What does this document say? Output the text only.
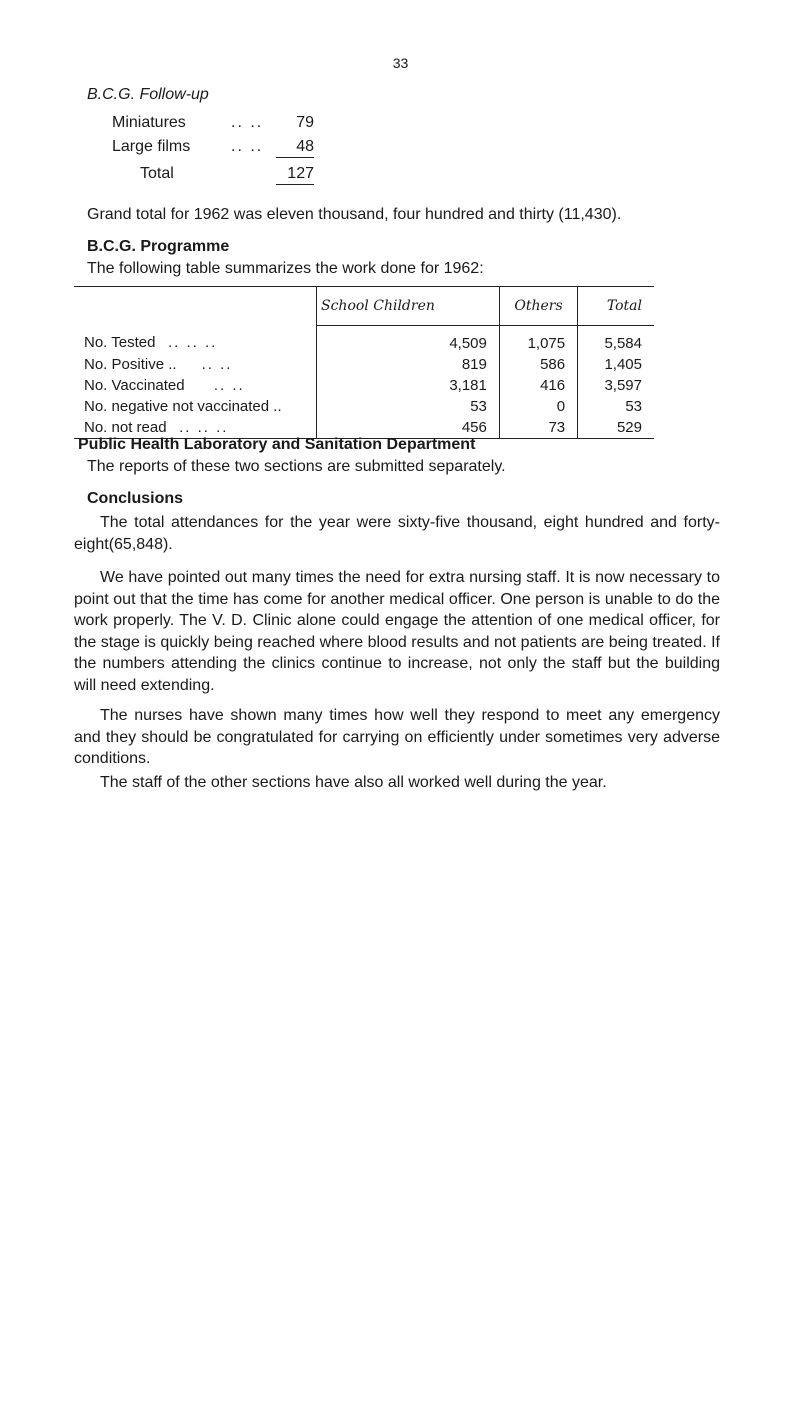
33
B.C.G. Follow-up
Miniatures	.. ..	79
Large films	.. ..	48
Total	127
Grand total for 1962 was eleven thousand, four hundred and thirty (11,430).
B.C.G. Programme
The following table summarizes the work done for 1962:
	School Children	Others	Total
No. Tested .. .. ..	4,509	1,075	5,584
No. Positive .. .. ..	819	586	1,405
No. Vaccinated .. ..	3,181	416	3,597
No. negative not vaccinated ..	53	0	53
No. not read .. .. ..	456	73	529
Public Health Laboratory and Sanitation Department
The reports of these two sections are submitted separately.
Conclusions
The total attendances for the year were sixty-five thousand, eight hundred and forty-eight(65,848).
We have pointed out many times the need for extra nursing staff. It is now necessary to point out that the time has come for another medical officer. One person is unable to do the work properly. The V. D. Clinic alone could engage the attention of one medical officer, for the stage is quickly being reached where blood results and not patients are being treated. If the numbers attending the clinics continue to increase, not only the staff but the building will need extending.
The nurses have shown many times how well they respond to meet any emergency and they should be congratulated for carrying on efficiently under sometimes very adverse conditions.
The staff of the other sections have also all worked well during the year.
